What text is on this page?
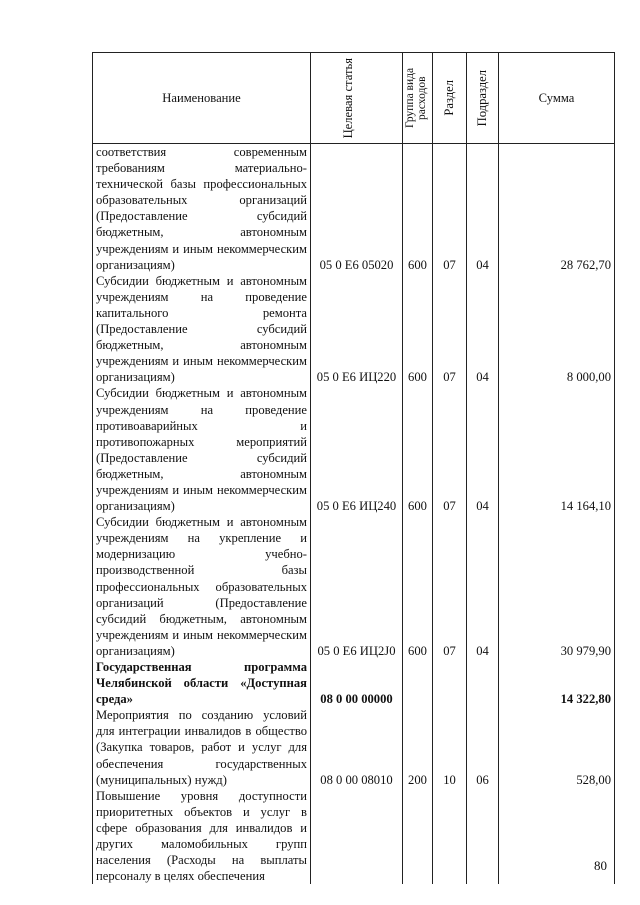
Наименование	Целевая статья	Группа вида расходов	Раздел	Подраздел	Сумма

соответствия современным требованиям материально-технической базы профессиональных образовательных организаций (Предоставление субсидий бюджетным, автономным учреждениям и иным некоммерческим организациям)	05 0 Е6 05020	600	07	04	28 762,70
Субсидии бюджетным и автономным учреждениям на проведение капитального ремонта (Предоставление субсидий бюджетным, автономным учреждениям и иным некоммерческим организациям)	05 0 Е6 ИЦ220	600	07	04	8 000,00
Субсидии бюджетным и автономным учреждениям на проведение противоаварийных и противопожарных мероприятий (Предоставление субсидий бюджетным, автономным учреждениям и иным некоммерческим организациям)	05 0 Е6 ИЦ240	600	07	04	14 164,10
Субсидии бюджетным и автономным учреждениям на укрепление и модернизацию учебно-производственной базы профессиональных образовательных организаций (Предоставление субсидий бюджетным, автономным учреждениям и иным некоммерческим организациям)	05 0 Е6 ИЦ2J0	600	07	04	30 979,90
Государственная программа Челябинской области «Доступная среда»	08 0 00 00000				14 322,80
Мероприятия по созданию условий для интеграции инвалидов в общество (Закупка товаров, работ и услуг для обеспечения государственных (муниципальных) нужд)	08 0 00 08010	200	10	06	528,00
Повышение уровня доступности приоритетных объектов и услуг в сфере образования для инвалидов и других маломобильных групп населения (Расходы на выплаты персоналу в целях обеспечения					
80
